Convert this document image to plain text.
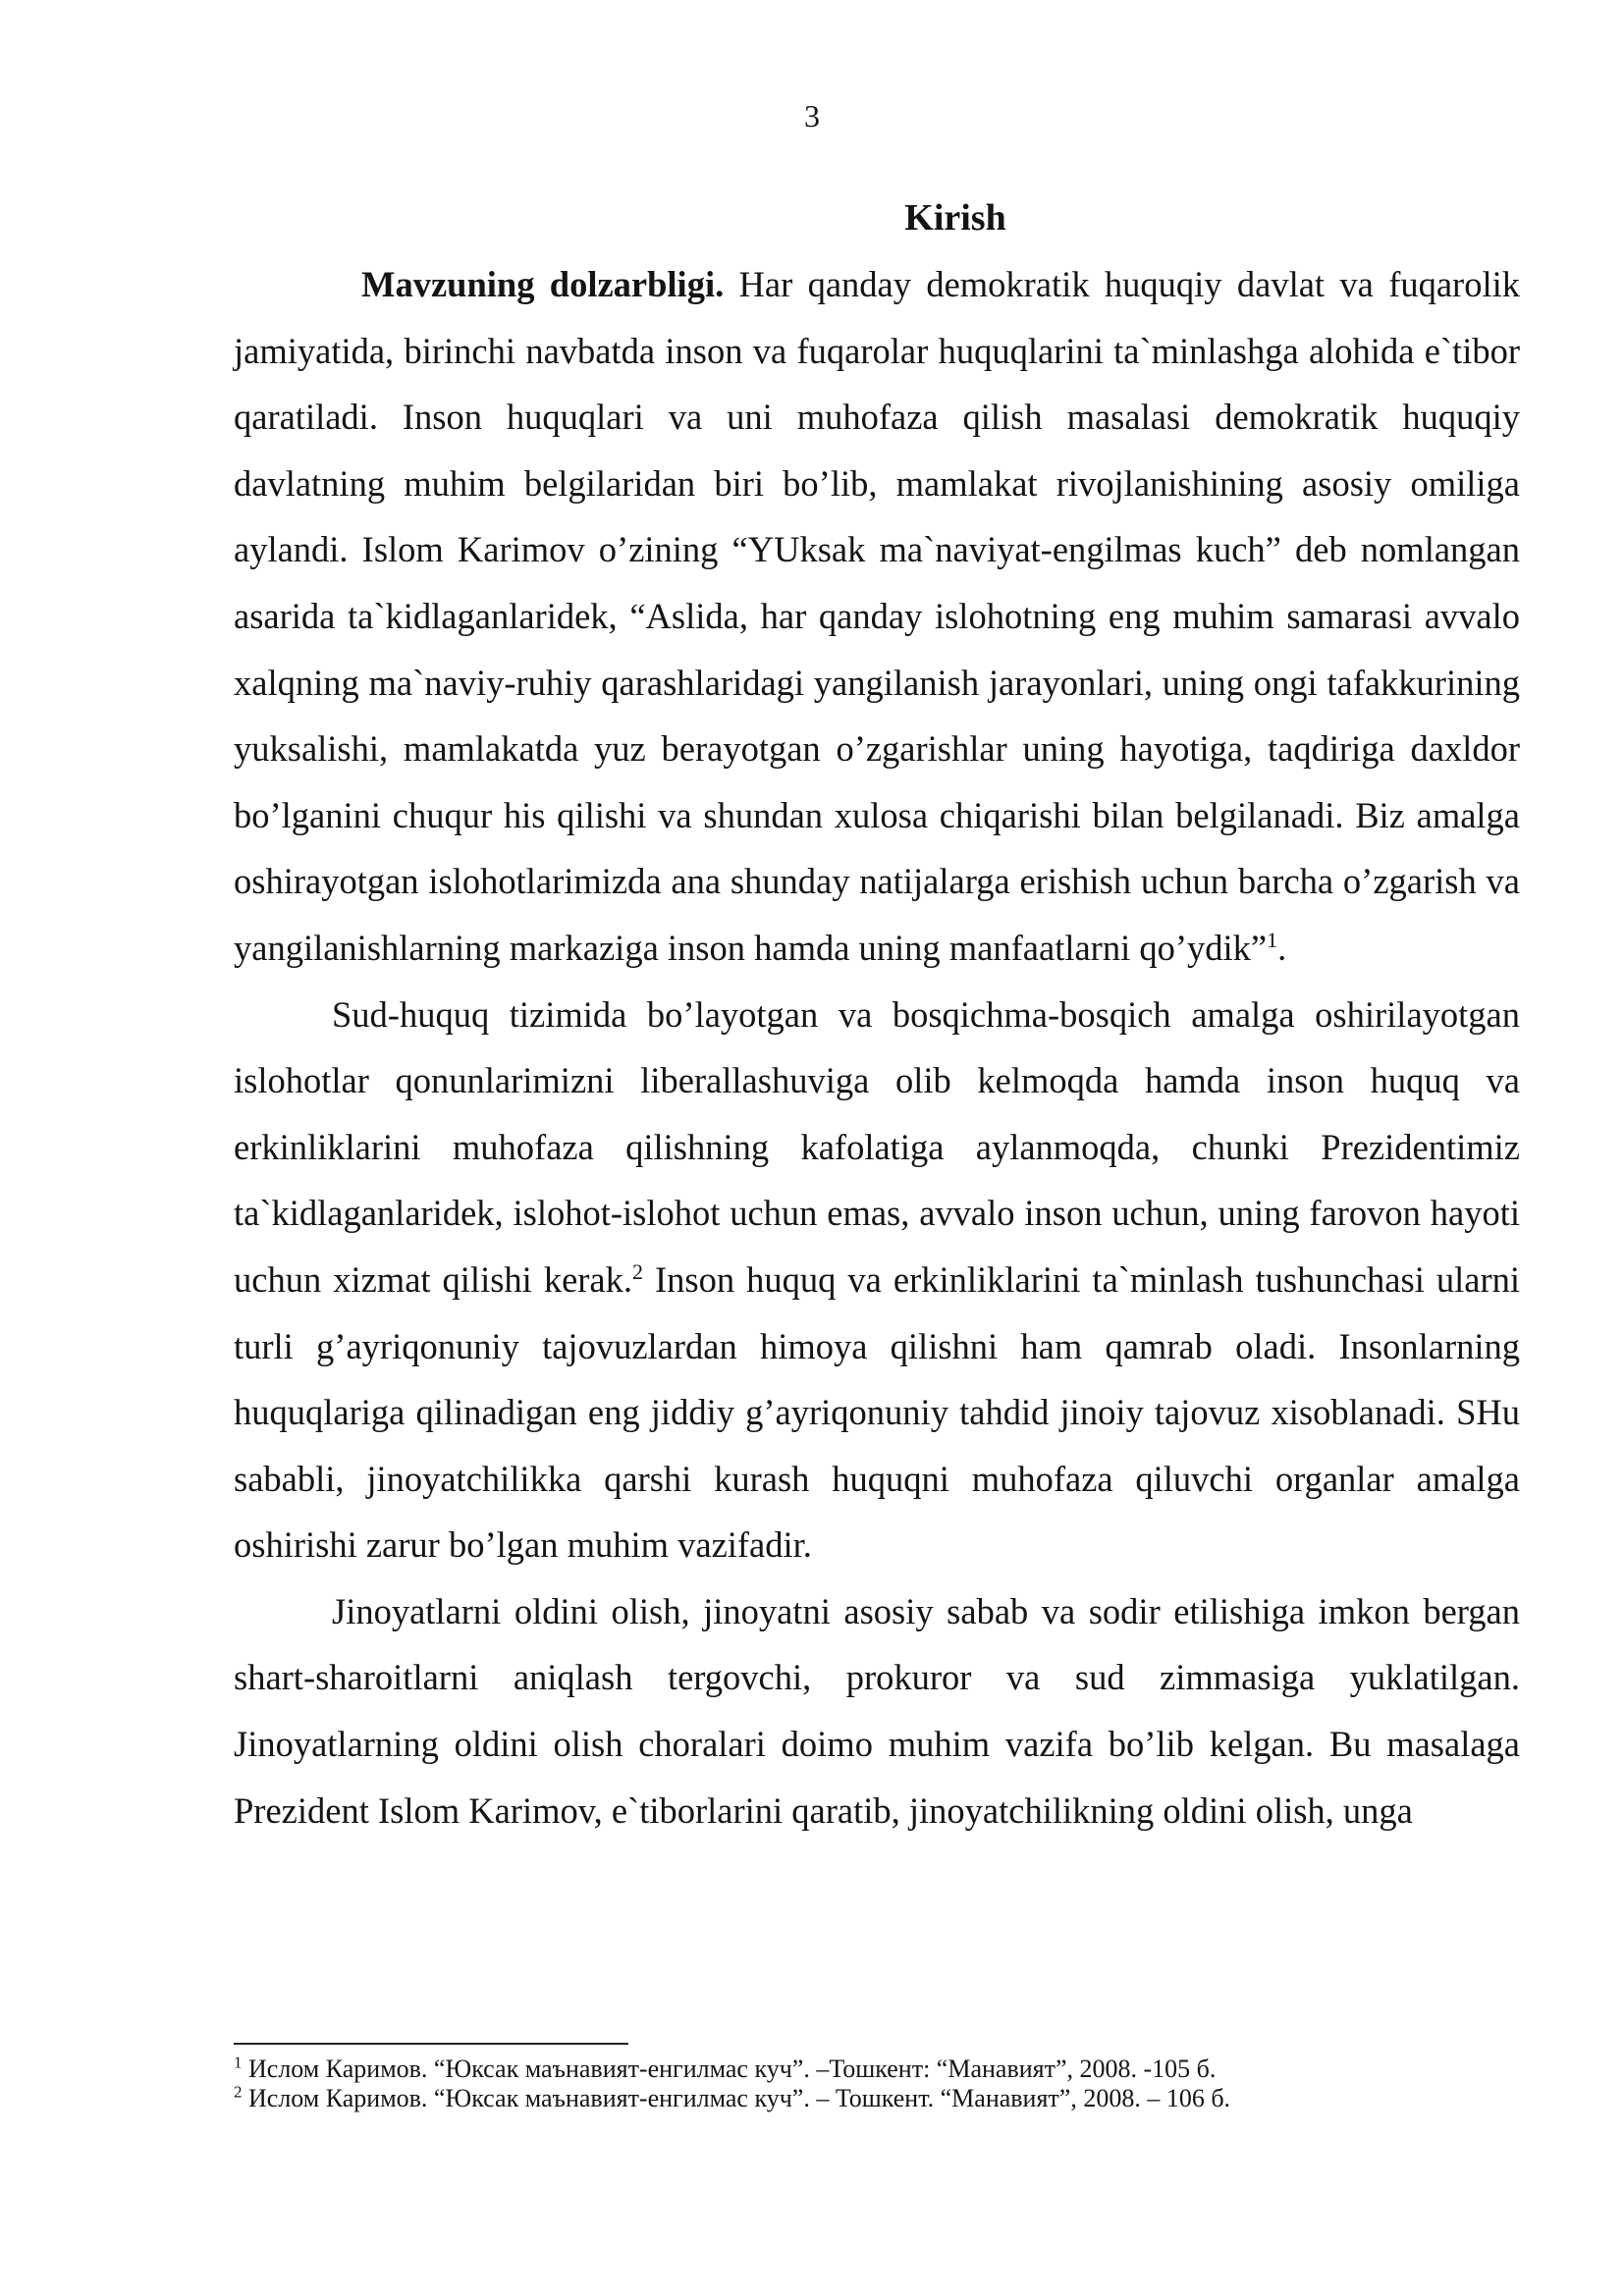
3
Kirish

Mavzuning dolzarbligi. Har qanday demokratik huquqiy davlat va fuqarolik jamiyatida, birinchi navbatda inson va fuqarolar huquqlarini ta`minlashga alohida e`tibor qaratiladi. Inson huquqlari va uni muhofaza qilish masalasi demokratik huquqiy davlatning muhim belgilaridan biri bo’lib, mamlakat rivojlanishining asosiy omiliga aylandi. Islom Karimov o’zining “YUksak ma`naviyat-engilmas kuch” deb nomlangan asarida ta`kidlaganlaridek, “Aslida, har qanday islohotning eng muhim samarasi avvalo xalqning ma`naviy-ruhiy qarashlaridagi yangilanish jarayonlari, uning ongi tafakkurining yuksalishi, mamlakatda yuz berayotgan o’zgarishlar uning hayotiga, taqdiriga daxldor bo’lganini chuqur his qilishi va shundan xulosa chiqarishi bilan belgilanadi. Biz amalga oshirayotgan islohotlarimizda ana shunday natijalarga erishish uchun barcha o’zgarish va yangilanishlarning markaziga inson hamda uning manfaatlarni qo’ydik”$^1$.

Sud-huquq tizimida bo’layotgan va bosqichma-bosqich amalga oshirilayotgan islohotlar qonunlarimizni liberallashuviga olib kelmoqda hamda inson huquq va erkinliklarini muhofaza qilishning kafolatiga aylanmoqda, chunki Prezidentimiz ta`kidlaganlaridek, islohot-islohot uchun emas, avvalo inson uchun, uning farovon hayoti uchun xizmat qilishi kerak.$^2$ Inson huquq va erkinliklarini ta`minlash tushunchasi ularni turli g’ayriqonuniy tajovuzlardan himoya qilishni ham qamrab oladi. Insonlarning huquqlariga qilinadigan eng jiddiy g’ayriqonuniy tahdid jinoiy tajovuz xisoblanadi. SHu sababli, jinoyatchilikka qarshi kurash huquqni muhofaza qiluvchi organlar amalga oshirishi zarur bo’lgan muhim vazifadir.

Jinoyatlarni oldini olish, jinoyatni asosiy sabab va sodir etilishiga imkon bergan shart-sharoitlarni aniqlash tergovchi, prokuror va sud zimmasiga yuklatilgan. Jinoyatlarning oldini olish choralari doimo muhim vazifa bo’lib kelgan. Bu masalaga Prezident Islom Karimov, e`tiborlarini qaratib, jinoyatchilikning oldini olish, unga

$^1$ Ислом Каримов. “Юксак маънавият-енгилмас куч”. –Тошкент: “Манавият”, 2008. -105 б.

$^2$ Ислом Каримов. “Юксак маънавият-енгилмас куч”. – Тошкент. “Манавият”, 2008. – 106 б.
